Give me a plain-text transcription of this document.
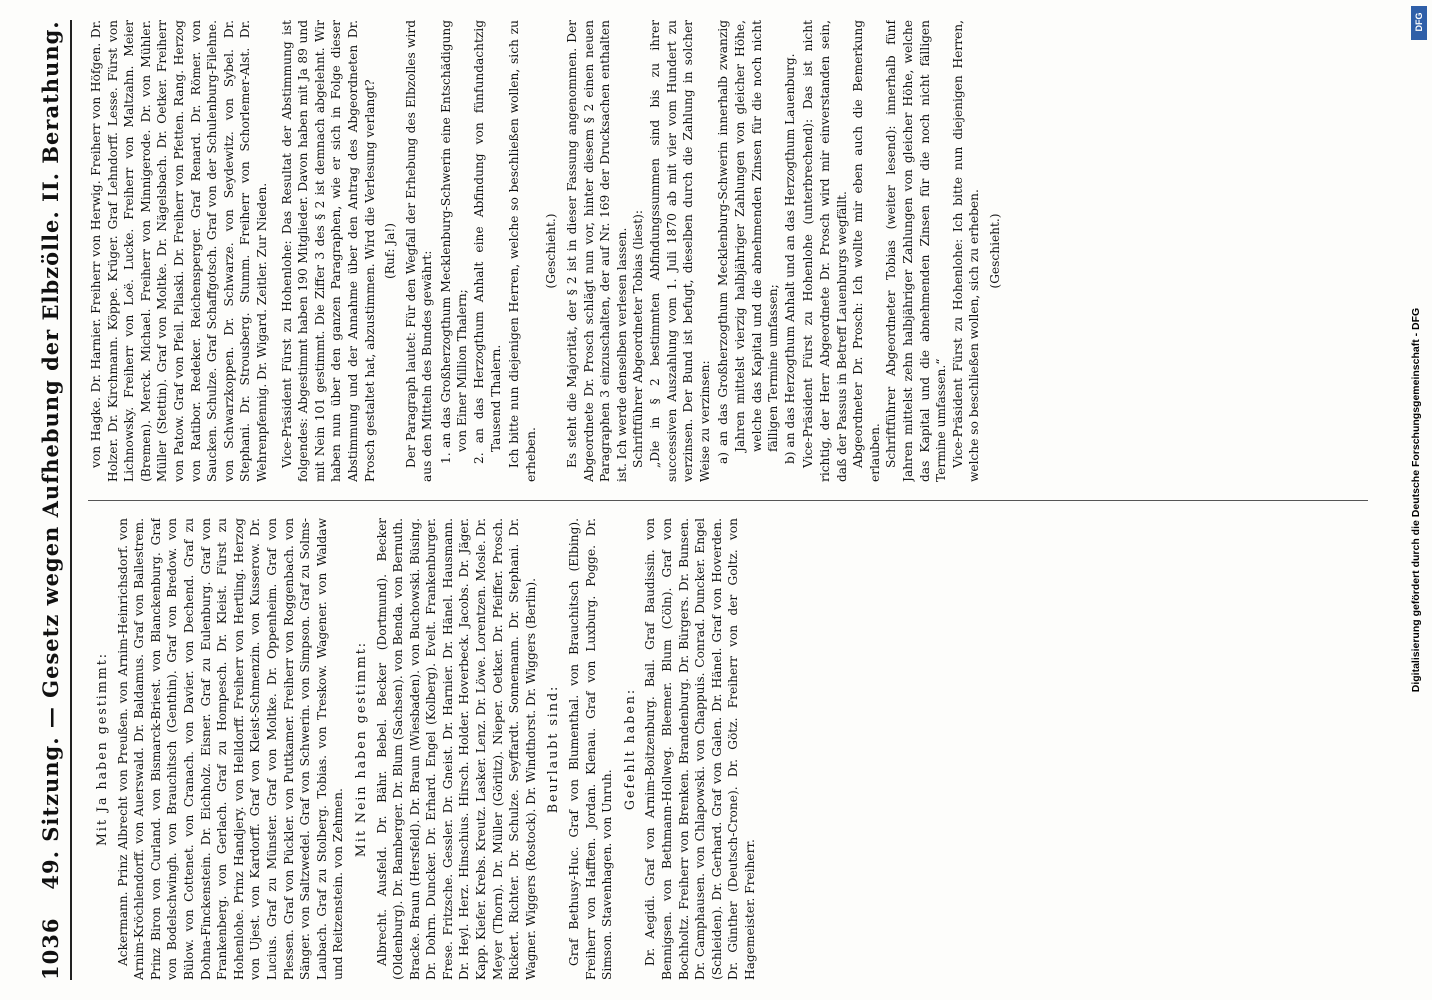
1036
49. Sitzung. — Gesetz wegen Aufhebung der Elbzölle. II. Berathung. Mit Ja haben gestimmt: Ackermann. Prinz Albrecht von Preußen. von Arnim-Heinrichsdorf. von Arnim-Kröchlendorff. von Auerswald. Dr. Baldamus. Graf von Ballestrem. Prinz Biron von Curland. von Bismarck-Briest. von Blanckenburg. Graf von Bodelschwingh. von Brauchitsch (Genthin). Graf von Bredow. von Bülow. von Cottenet. von Cranach. von Davier. von Dechend. Graf zu Dohna-Finckenstein. Dr. Eichholz. Eisner. Graf zu Eulenburg. Graf von Frankenberg. von Gerlach. Graf zu Hompesch. Dr. Kleist. Fürst zu Hohenlohe. Prinz Handjery. von Helldorff. Freiherr von Hertling. Herzog von Ujest. von Kardorff. Graf von Kleist-Schmenzin. von Kusserow. Dr. Lucius. Graf zu Münster. Graf von Moltke. Dr. Oppenheim. Graf von Plessen. Graf von Pückler. von Puttkamer. Freiherr von Roggenbach. von Sänger. von Saltzwedel. Graf von Schwerin. von Simpson. Graf zu Solms-Laubach. Graf zu Stolberg. Tobias. von Treskow. Wagener. von Waldaw und Reitzenstein. von Zehmen.

Mit Nein haben gestimmt: Albrecht. Ausfeld. Dr. Bähr. Bebel. Becker (Dortmund). Becker (Oldenburg). Dr. Bamberger. Dr. Blum (Sachsen). von Benda. von Bernuth. Bracke. Braun (Hersfeld). Dr. Braun (Wiesbaden). von Buchowski. Büsing. Dr. Dohrn. Duncker. Dr. Erhard. Engel (Kolberg). Evelt. Frankenburger. Frese. Fritzsche. Gessler. Dr. Gneist. Dr. Harnier. Dr. Hänel. Hausmann. Dr. Heyl. Herz. Hinschius. Hirsch. Holder. Hoverbeck. Jacobs. Dr. Jäger. Kapp. Kiefer. Krebs. Kreutz. Lasker. Lenz. Dr. Löwe. Lorentzen. Mosle. Dr. Meyer (Thorn). Dr. Müller (Görlitz). Nieper. Oetker. Dr. Pfeiffer. Prosch. Rickert. Richter. Dr. Schulze. Seyffardt. Sonnemann. Dr. Stephani. Dr. Wagner. Wiggers (Rostock). Dr. Windthorst. Dr. Wiggers (Berlin). Beurlaubt sind: Graf Bethusy-Huc. Graf von Blumenthal. von Brauchitsch (Elbing). Freiherr von Hafften. Jordan. Klenau. Graf von Luxburg. Pogge. Dr. Simson. Stavenhagen. von Unruh.

Gefehlt haben: Dr. Aegidi. Graf von Arnim-Boitzenburg. Bail. Graf Baudissin. von Bennigsen. von Bethmann-Hollweg. Bleemer. Blum (Cöln). Graf von Bochholtz. Freiherr von Brenken. Brandenburg. Dr. Bürgers. Dr. Bunsen. Dr. Camphausen. von Chlapowski. von Chappuis. Conrad. Duncker. Engel (Schleiden). Dr. Gerhard. Graf von Galen. Dr. Hänel. Graf von Hoverden. Dr. Günther (Deutsch-Crone). Dr. Götz. Freiherr von der Goltz. von Hagemeister. Freiherr.

von Hagke. Dr. Harnier. Freiherr von Herwig. Freiherr von Höfgen. Dr. Holzer. Dr. Kirchmann. Köppe. Krüger. Graf Lehndorff. Lesse. Fürst von Lichnowsky. Freiherr von Loë. Lucke. Freiherr von Maltzahn. Meier (Bremen). Merck. Michael. Freiherr von Minnigerode. Dr. von Mühler. Müller (Stettin). Graf von Moltke. Dr. Nägelsbach. Dr. Oetker. Freiherr von Patow. Graf von Pfeil. Pilaski. Dr. Freiherr von Pfetten. Rang. Herzog von Ratibor. Redeker. Reichensperger. Graf Renard. Dr. Römer. von Saucken. Schulze. Graf Schaffgotsch. Graf von der Schulenburg-Filehne. von Schwarzkoppen. Dr. Schwarze. von Seydewitz. von Sybel. Dr. Stephani. Dr. Strousberg. Stumm. Freiherr von Schorlemer-Alst. Dr. Wehrenpfennig. Dr. Wigard. Zeitler. Zur Nieden. Vice-Präsident Fürst zu Hohenlohe: Das Resultat der Abstimmung ist folgendes: Abgestimmt haben 190 Mitglieder. Davon haben mit Ja 89 und mit Nein 101 gestimmt. Die Ziffer 3 des § 2 ist demnach abgelehnt. Wir haben nun über den ganzen Paragraphen, wie er sich in Folge dieser Abstimmung und der Annahme über den Antrag des Abgeordneten Dr. Prosch gestaltet hat, abzustimmen. Wird die Verlesung verlangt? (Ruf: Ja!) Der Paragraph lautet: Für den Wegfall der Erhebung des Elbzolles wird aus den Mitteln des Bundes gewährt: 1. an das Großherzogthum Mecklenburg-Schwerin eine Entschädigung von Einer Million Thalern; 2. an das Herzogthum Anhalt eine Abfindung von fünfundachtzig Tausend Thalern. Ich bitte nun diejenigen Herren, welche so beschließen wollen, sich zu erheben.

(Geschieht.) Es steht die Majorität, der § 2 ist in dieser Fassung angenommen. Der Abgeordnete Dr. Prosch schlägt nun vor, hinter diesem § 2 einen neuen Paragraphen 3 einzuschalten, der auf Nr. 169 der Drucksachen enthalten ist. Ich werde denselben verlesen lassen. Schriftführer Abgeordneter Tobias (liest): „Die in § 2 bestimmten Abfindungssummen sind bis zu ihrer successiven Auszahlung vom 1. Juli 1870 ab mit vier vom Hundert zu verzinsen. Der Bund ist befugt, dieselben durch die Zahlung in solcher Weise zu verzinsen: a) an das Großherzogthum Mecklenburg-Schwerin innerhalb zwanzig Jahren mittelst vierzig halbjähriger Zahlungen von gleicher Höhe, welche das Kapital und die abnehmenden Zinsen für die noch nicht fälligen Termine umfassen; b) an das Herzogthum Anhalt und an das Herzogthum Lauenburg. Vice-Präsident Fürst zu Hohenlohe (unterbrechend): Das ist nicht richtig, der Herr Abgeordnete Dr. Prosch wird mir einverstanden sein, daß der Passus in Betreff Lauenburgs wegfällt. Abgeordneter Dr. Prosch: Ich wollte mir eben auch die Bemerkung erlauben. Schriftführer Abgeordneter Tobias (weiter lesend): innerhalb fünf Jahren mittelst zehn halbjähriger Zahlungen von gleicher Höhe, welche das Kapital und die abnehmenden Zinsen für die noch nicht fälligen Termine umfassen.“ Vice-Präsident Fürst zu Hohenlohe: Ich bitte nun diejenigen Herren, welche so beschließen wollen, sich zu erheben. (Geschieht.)
Digitalisierung gefördert durch die Deutsche Forschungsgemeinschaft - DFG
DFG
